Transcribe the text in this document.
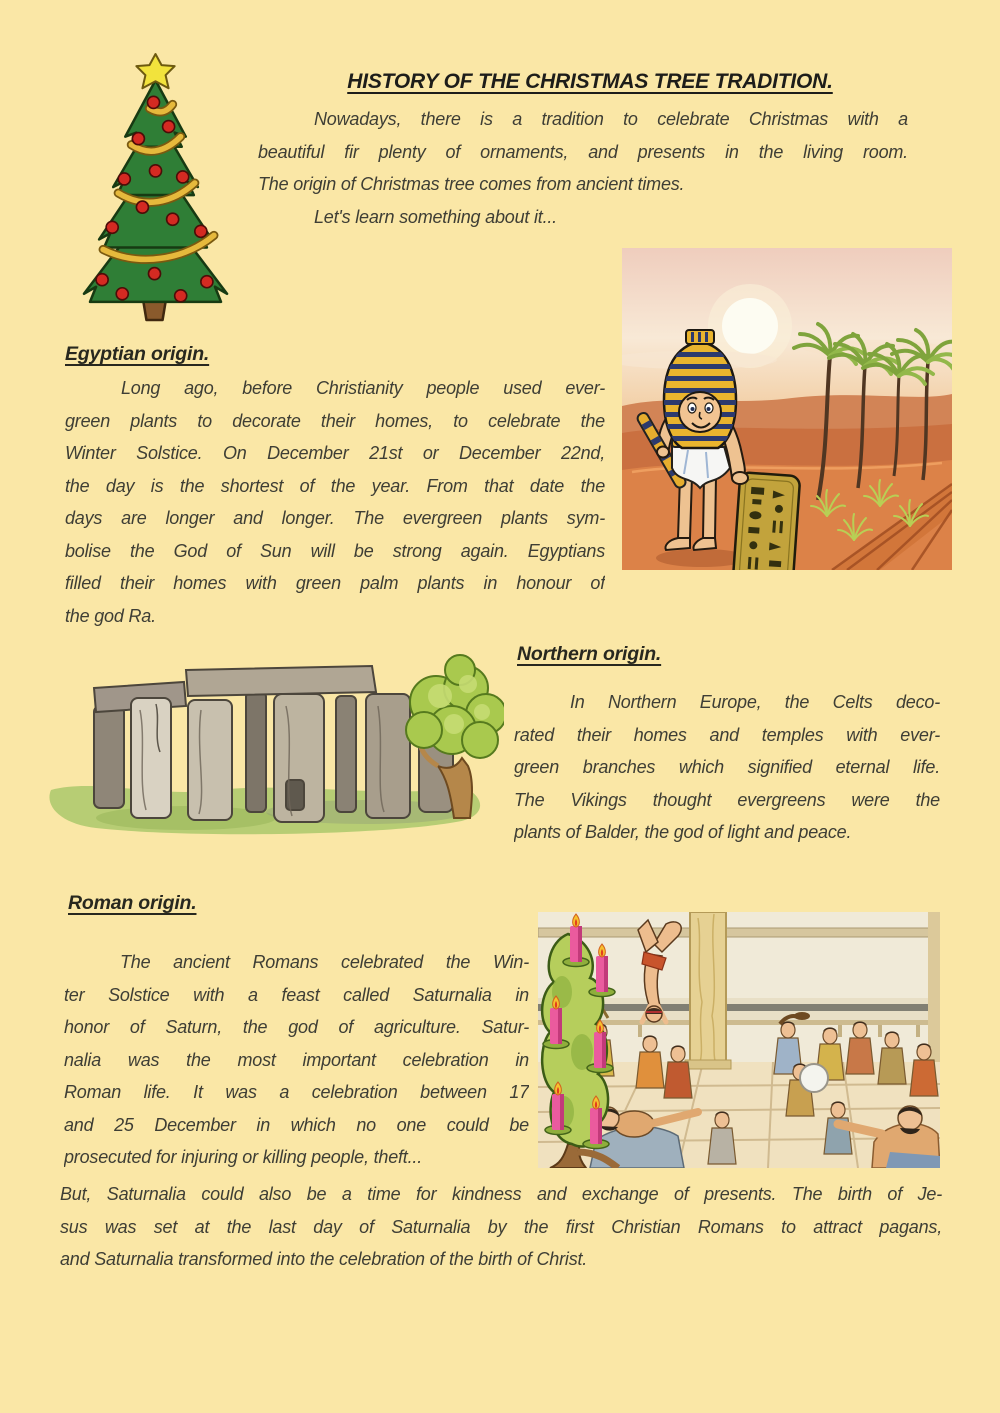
HISTORY OF THE CHRISTMAS TREE TRADITION.
Nowadays, there is a tradition to celebrate Christmas with a
beautiful fir plenty of ornaments, and presents in the living room.
The origin of Christmas tree comes from ancient times.
Let's learn something about it...
Egyptian origin.
Long ago, before Christianity people used ever-
green plants to decorate their homes, to celebrate the
Winter Solstice. On December 21st or December 22nd,
the day is the shortest of the year. From that date the
days are longer and longer. The evergreen plants sym-
bolise the God of Sun will be strong again. Egyptians
filled their homes with green palm plants in honour of
the god Ra.
Northern origin.
In Northern Europe, the Celts deco-
rated their homes and temples with ever-
green branches which signified eternal life.
The Vikings thought evergreens were the
plants of Balder, the god of light and peace.
Roman origin.
The ancient Romans celebrated the Win-
ter Solstice with a feast called Saturnalia in
honor of Saturn, the god of agriculture. Satur-
nalia was the most important celebration in
Roman life. It was a celebration between 17
and 25 December in which no one could be
prosecuted for injuring or killing people, theft...
But, Saturnalia could also be a time for kindness and exchange of presents. The birth of Je-
sus was set at the last day of Saturnalia by the first Christian Romans to attract pagans,
and Saturnalia transformed into the celebration of the birth of Christ.
